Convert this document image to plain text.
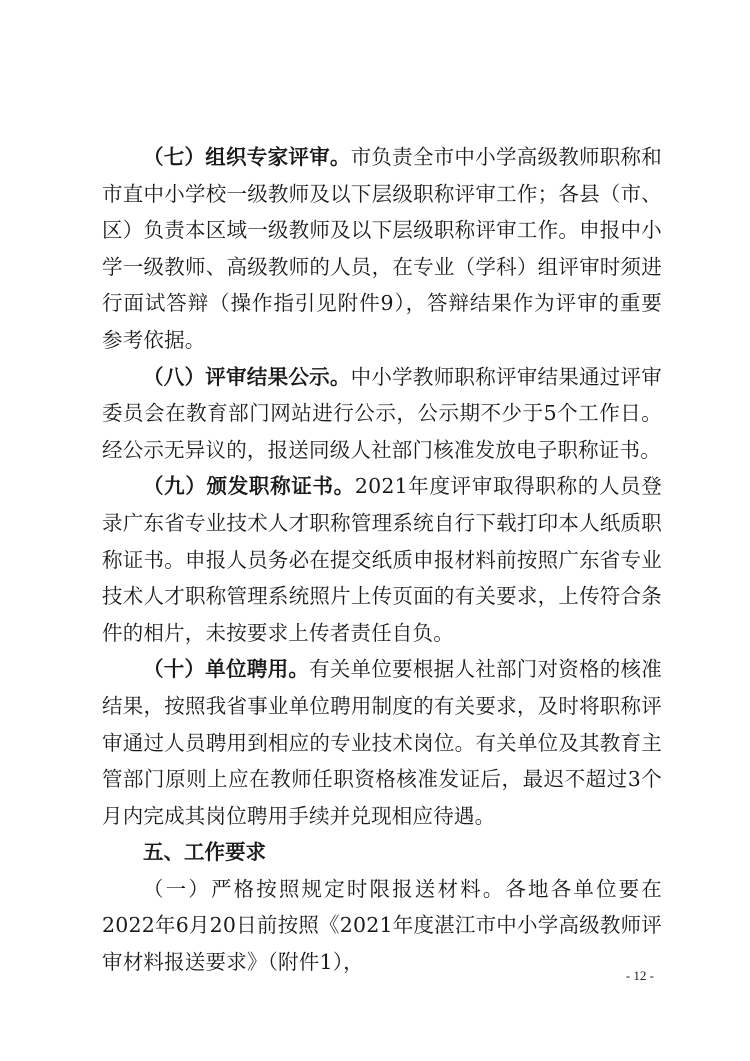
（七）组织专家评审。市负责全市中小学高级教师职称和市直中小学校一级教师及以下层级职称评审工作；各县（市、区）负责本区域一级教师及以下层级职称评审工作。申报中小学一级教师、高级教师的人员，在专业（学科）组评审时须进行面试答辩（操作指引见附件9），答辩结果作为评审的重要参考依据。

（八）评审结果公示。中小学教师职称评审结果通过评审委员会在教育部门网站进行公示，公示期不少于5个工作日。经公示无异议的，报送同级人社部门核准发放电子职称证书。

（九）颁发职称证书。2021年度评审取得职称的人员登录广东省专业技术人才职称管理系统自行下载打印本人纸质职称证书。申报人员务必在提交纸质申报材料前按照广东省专业技术人才职称管理系统照片上传页面的有关要求，上传符合条件的相片，未按要求上传者责任自负。

（十）单位聘用。有关单位要根据人社部门对资格的核准结果，按照我省事业单位聘用制度的有关要求，及时将职称评审通过人员聘用到相应的专业技术岗位。有关单位及其教育主管部门原则上应在教师任职资格核准发证后，最迟不超过3个月内完成其岗位聘用手续并兑现相应待遇。

五、工作要求

（一）严格按照规定时限报送材料。各地各单位要在2022年6月20日前按照《2021年度湛江市中小学高级教师评审材料报送要求》（附件1），

- 12 -
